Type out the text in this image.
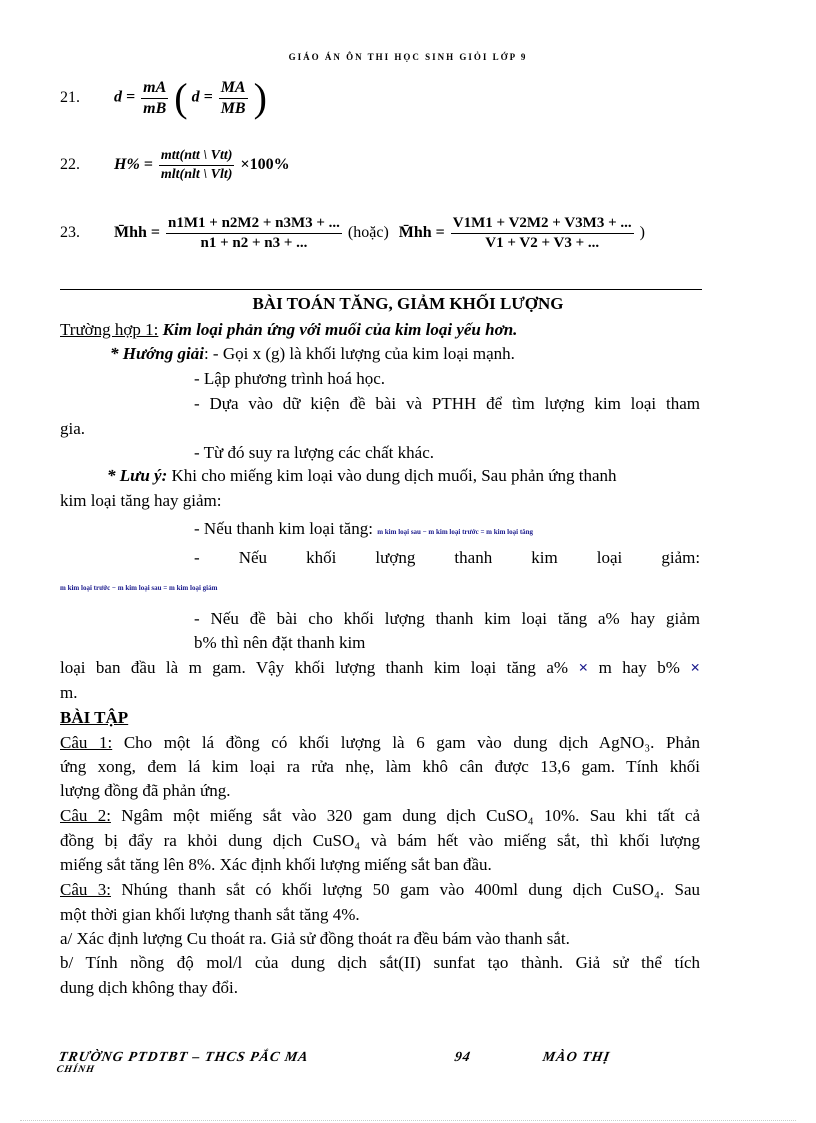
GIÁO ÁN ÔN THI HỌC SINH GIỎI LỚP 9
21. $d = \frac{mA}{mB}$ ( $d = \frac{MA}{MB}$ )
22. $H\% = \frac{\text{mtt(ntt \textbackslash{} Vtt)}}{\text{mlt(nlt \textbackslash{} Vlt)}} \times 100\%$
23. M̄hh = $\frac{n1M1 + n2M2 + n3M3 + ...}{n1 + n2 + n3 + ...}$ (hoặc) M̄hh = $\frac{V1M1 + V2M2 + V3M3 + ...}{V1 + V2 + V3 + ...}$ )
BÀI TOÁN TĂNG, GIẢM KHỐI LƯỢNG
Trường hợp 1: Kim loại phản ứng với muối của kim loại yếu hơn.
* Hướng giải: - Gọi x (g) là khối lượng của kim loại mạnh.
- Lập phương trình hoá học.
- Dựa vào dữ kiện đề bài và PTHH để tìm lượng kim loại tham
gia.
- Từ đó suy ra lượng các chất khác.
* Lưu ý: Khi cho miếng kim loại vào dung dịch muối, Sau phản ứng thanh
kim loại tăng hay giảm:
- Nếu thanh kim loại tăng: m kim loại sau − m kim loại trước = m kim loại tăng
- Nếu khối lượng thanh kim loại giảm:
m kim loại trước − m kim loại sau = m kim loại giảm
- Nếu đề bài cho khối lượng thanh kim loại tăng a% hay giảm
b% thì nên đặt thanh kim
loại ban đầu là m gam. Vậy khối lượng thanh kim loại tăng a% × m hay b% ×
m.
BÀI TẬP
Câu 1: Cho một lá đồng có khối lượng là 6 gam vào dung dịch AgNO₃. Phản
ứng xong, đem lá kim loại ra rửa nhẹ, làm khô cân được 13,6 gam. Tính khối
lượng đồng đã phản ứng.
Câu 2: Ngâm một miếng sắt vào 320 gam dung dịch CuSO₄ 10%. Sau khi tất cả
đồng bị đẩy ra khỏi dung dịch CuSO₄ và bám hết vào miếng sắt, thì khối lượng
miếng sắt tăng lên 8%. Xác định khối lượng miếng sắt ban đầu.
Câu 3: Nhúng thanh sắt có khối lượng 50 gam vào 400ml dung dịch CuSO₄. Sau
một thời gian khối lượng thanh sắt tăng 4%.
a/ Xác định lượng Cu thoát ra. Giả sử đồng thoát ra đều bám vào thanh sắt.
b/ Tính nồng độ mol/l của dung dịch sắt(II) sunfat tạo thành. Giả sử thể tích
dung dịch không thay đổi.
TRƯỜNG PTDTBT – THCS PẮC MA
CHÍNH
94	MÀO THỊ
